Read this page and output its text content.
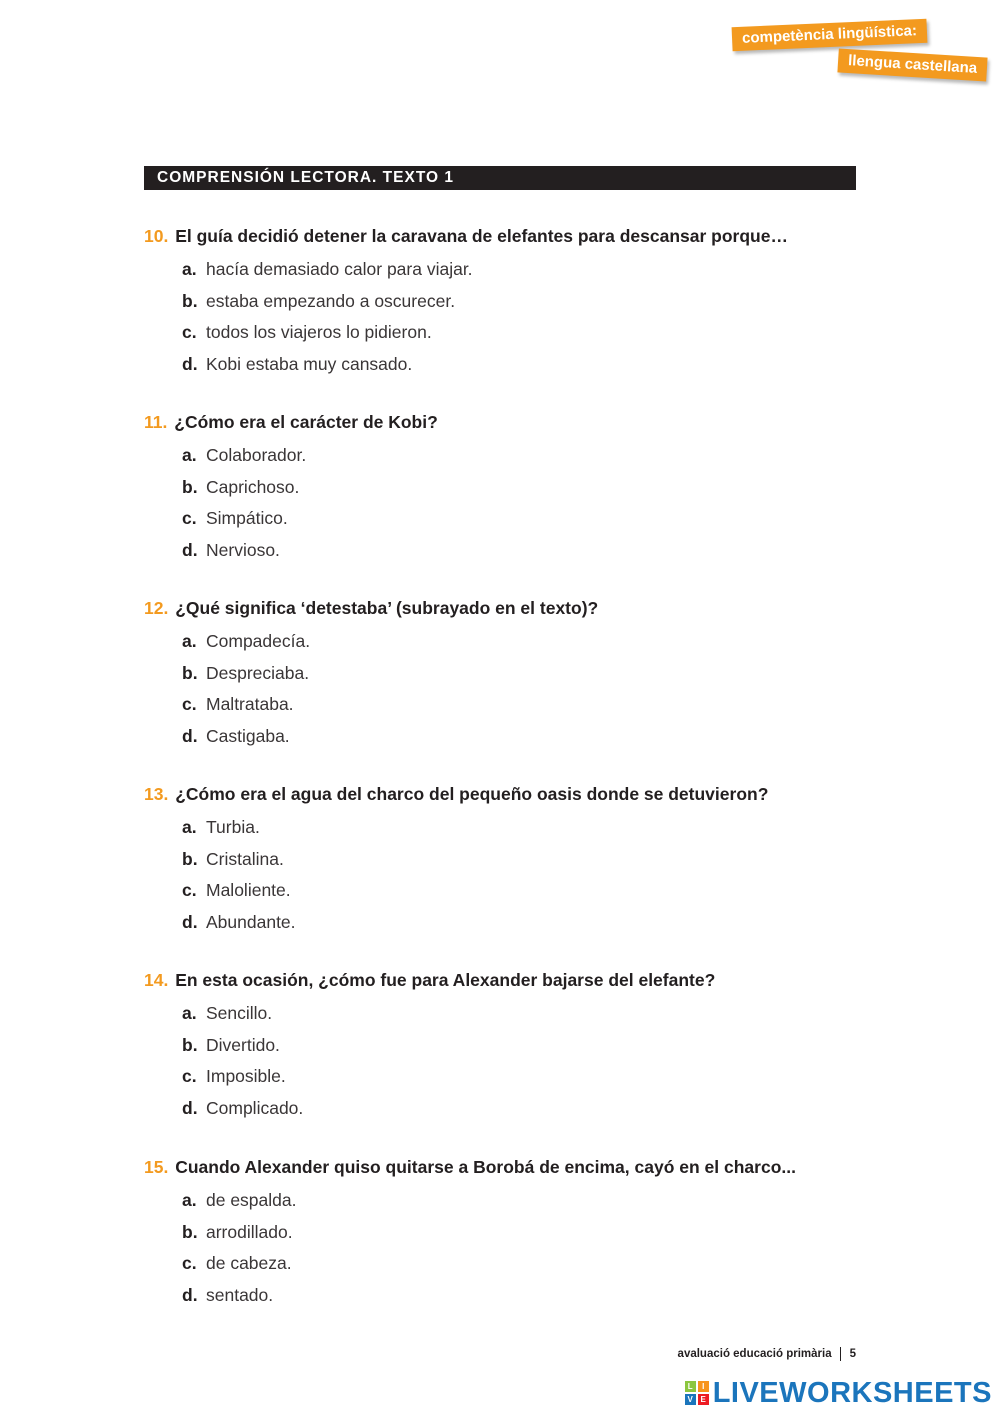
competència lingüística:
llengua castellana
COMPRENSIÓN LECTORA. TEXTO 1
10. El guía decidió detener la caravana de elefantes para descansar porque…
a. hacía demasiado calor para viajar.
b. estaba empezando a oscurecer.
c. todos los viajeros lo pidieron.
d. Kobi estaba muy cansado.
11. ¿Cómo era el carácter de Kobi?
a. Colaborador.
b. Caprichoso.
c. Simpático.
d. Nervioso.
12. ¿Qué significa ‘detestaba’ (subrayado en el texto)?
a. Compadecía.
b. Despreciaba.
c. Maltrataba.
d. Castigaba.
13. ¿Cómo era el agua del charco del pequeño oasis donde se detuvieron?
a. Turbia.
b. Cristalina.
c. Maloliente.
d. Abundante.
14. En esta ocasión, ¿cómo fue para Alexander bajarse del elefante?
a. Sencillo.
b. Divertido.
c. Imposible.
d. Complicado.
15. Cuando Alexander quiso quitarse a Borobá de encima, cayó en el charco...
a. de espalda.
b. arrodillado.
c. de cabeza.
d. sentado.
avaluació educació primària 5
L	I
V E LIVEWORKSHEETS
